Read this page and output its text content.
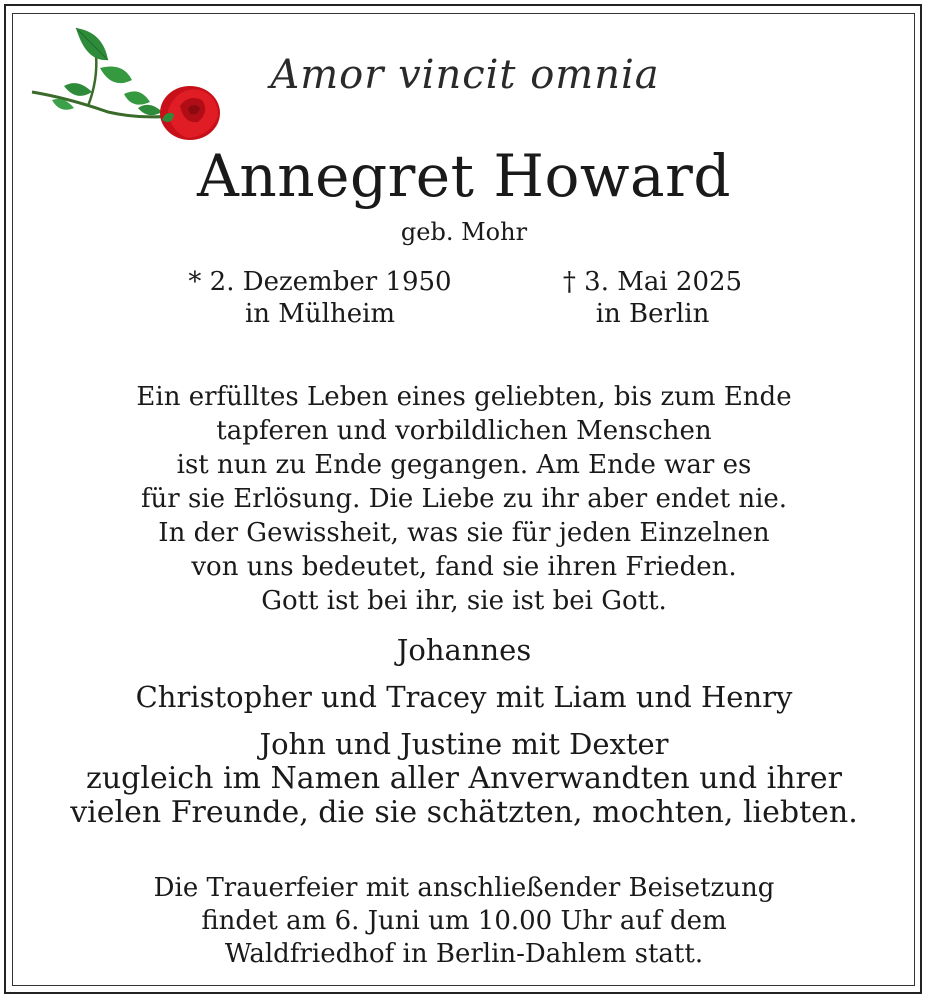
Amor vincit omnia
Annegret Howard
geb. Mohr
* 2. Dezember 1950
in Mülheim
† 3. Mai 2025
in Berlin
Ein erfülltes Leben eines geliebten, bis zum Ende
tapferen und vorbildlichen Menschen
ist nun zu Ende gegangen. Am Ende war es
für sie Erlösung. Die Liebe zu ihr aber endet nie.
In der Gewissheit, was sie für jeden Einzelnen
von uns bedeutet, fand sie ihren Frieden.
Gott ist bei ihr, sie ist bei Gott.
Johannes
Christopher und Tracey mit Liam und Henry
John und Justine mit Dexter
zugleich im Namen aller Anverwandten und ihrer
vielen Freunde, die sie schätzten, mochten, liebten.
Die Trauerfeier mit anschließender Beisetzung
findet am 6. Juni um 10.00 Uhr auf dem
Waldfriedhof in Berlin-Dahlem statt.
